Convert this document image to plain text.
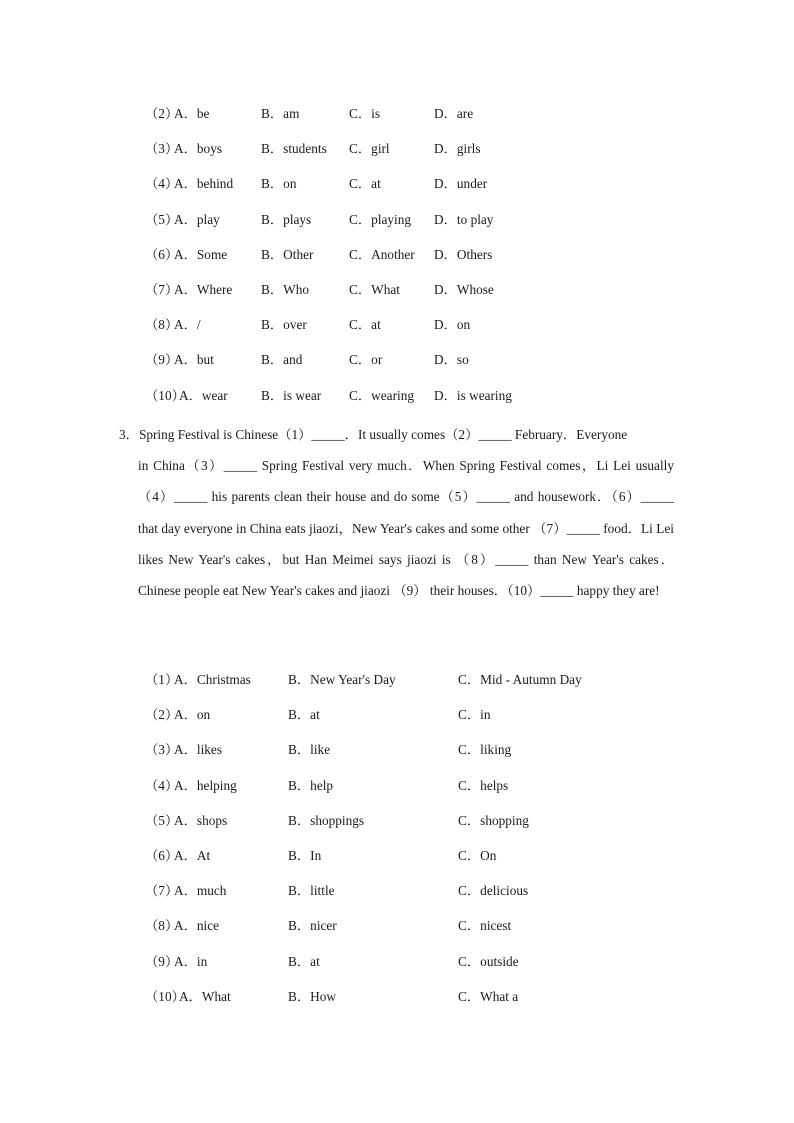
（2）
A．be	B．am	C．is	D．are
（3）
A．boys	B．students C．girl	D．girls
（4）
A．behind B．on	C．at	D．under
（5）
A．play	B．plays	C．playing D．to play
（6）
A．Some	B．Other	C．Another D．Others
（7）
A．Where B．Who	C．What	D．Whose
（8）
A．/	B．over	C．at	D．on
（9）
A．but	B．and	C．or	D．so
（10）
A．wear	B．is wear C．wearing D．is wearing

3．Spring Festival is Chinese（1）_____．It usually comes（2）_____ February．Everyone

in China（3）_____ Spring Festival very much．When Spring Festival comes，Li Lei usually （4）_____ his parents clean their house and do some（5）_____ and housework．（6）_____ that day everyone in China eats jiaozi，New Year's cakes and some other （7）_____ food．Li Lei likes New Year's cakes，but Han Meimei says jiaozi is （8）_____ than New Year's cakes．Chinese people eat New Year's cakes and jiaozi （9） their houses．（10）_____ happy they are!

（1）
A．Christmas	B．New Year's Day	C．Mid - Autumn Day
（2）
A．on	B．at	C．in
（3）
A．likes	B．like	C．liking
（4）
A．helping	B．help	C．helps
（5）
A．shops	B．shoppings	C．shopping
（6）
A．At	B．In	C．On
（7）
A．much	B．little	C．delicious
（8）
A．nice	B．nicer	C．nicest
（9）
A．in	B．at	C．outside
（10）
A．What	B．How	C．What a
